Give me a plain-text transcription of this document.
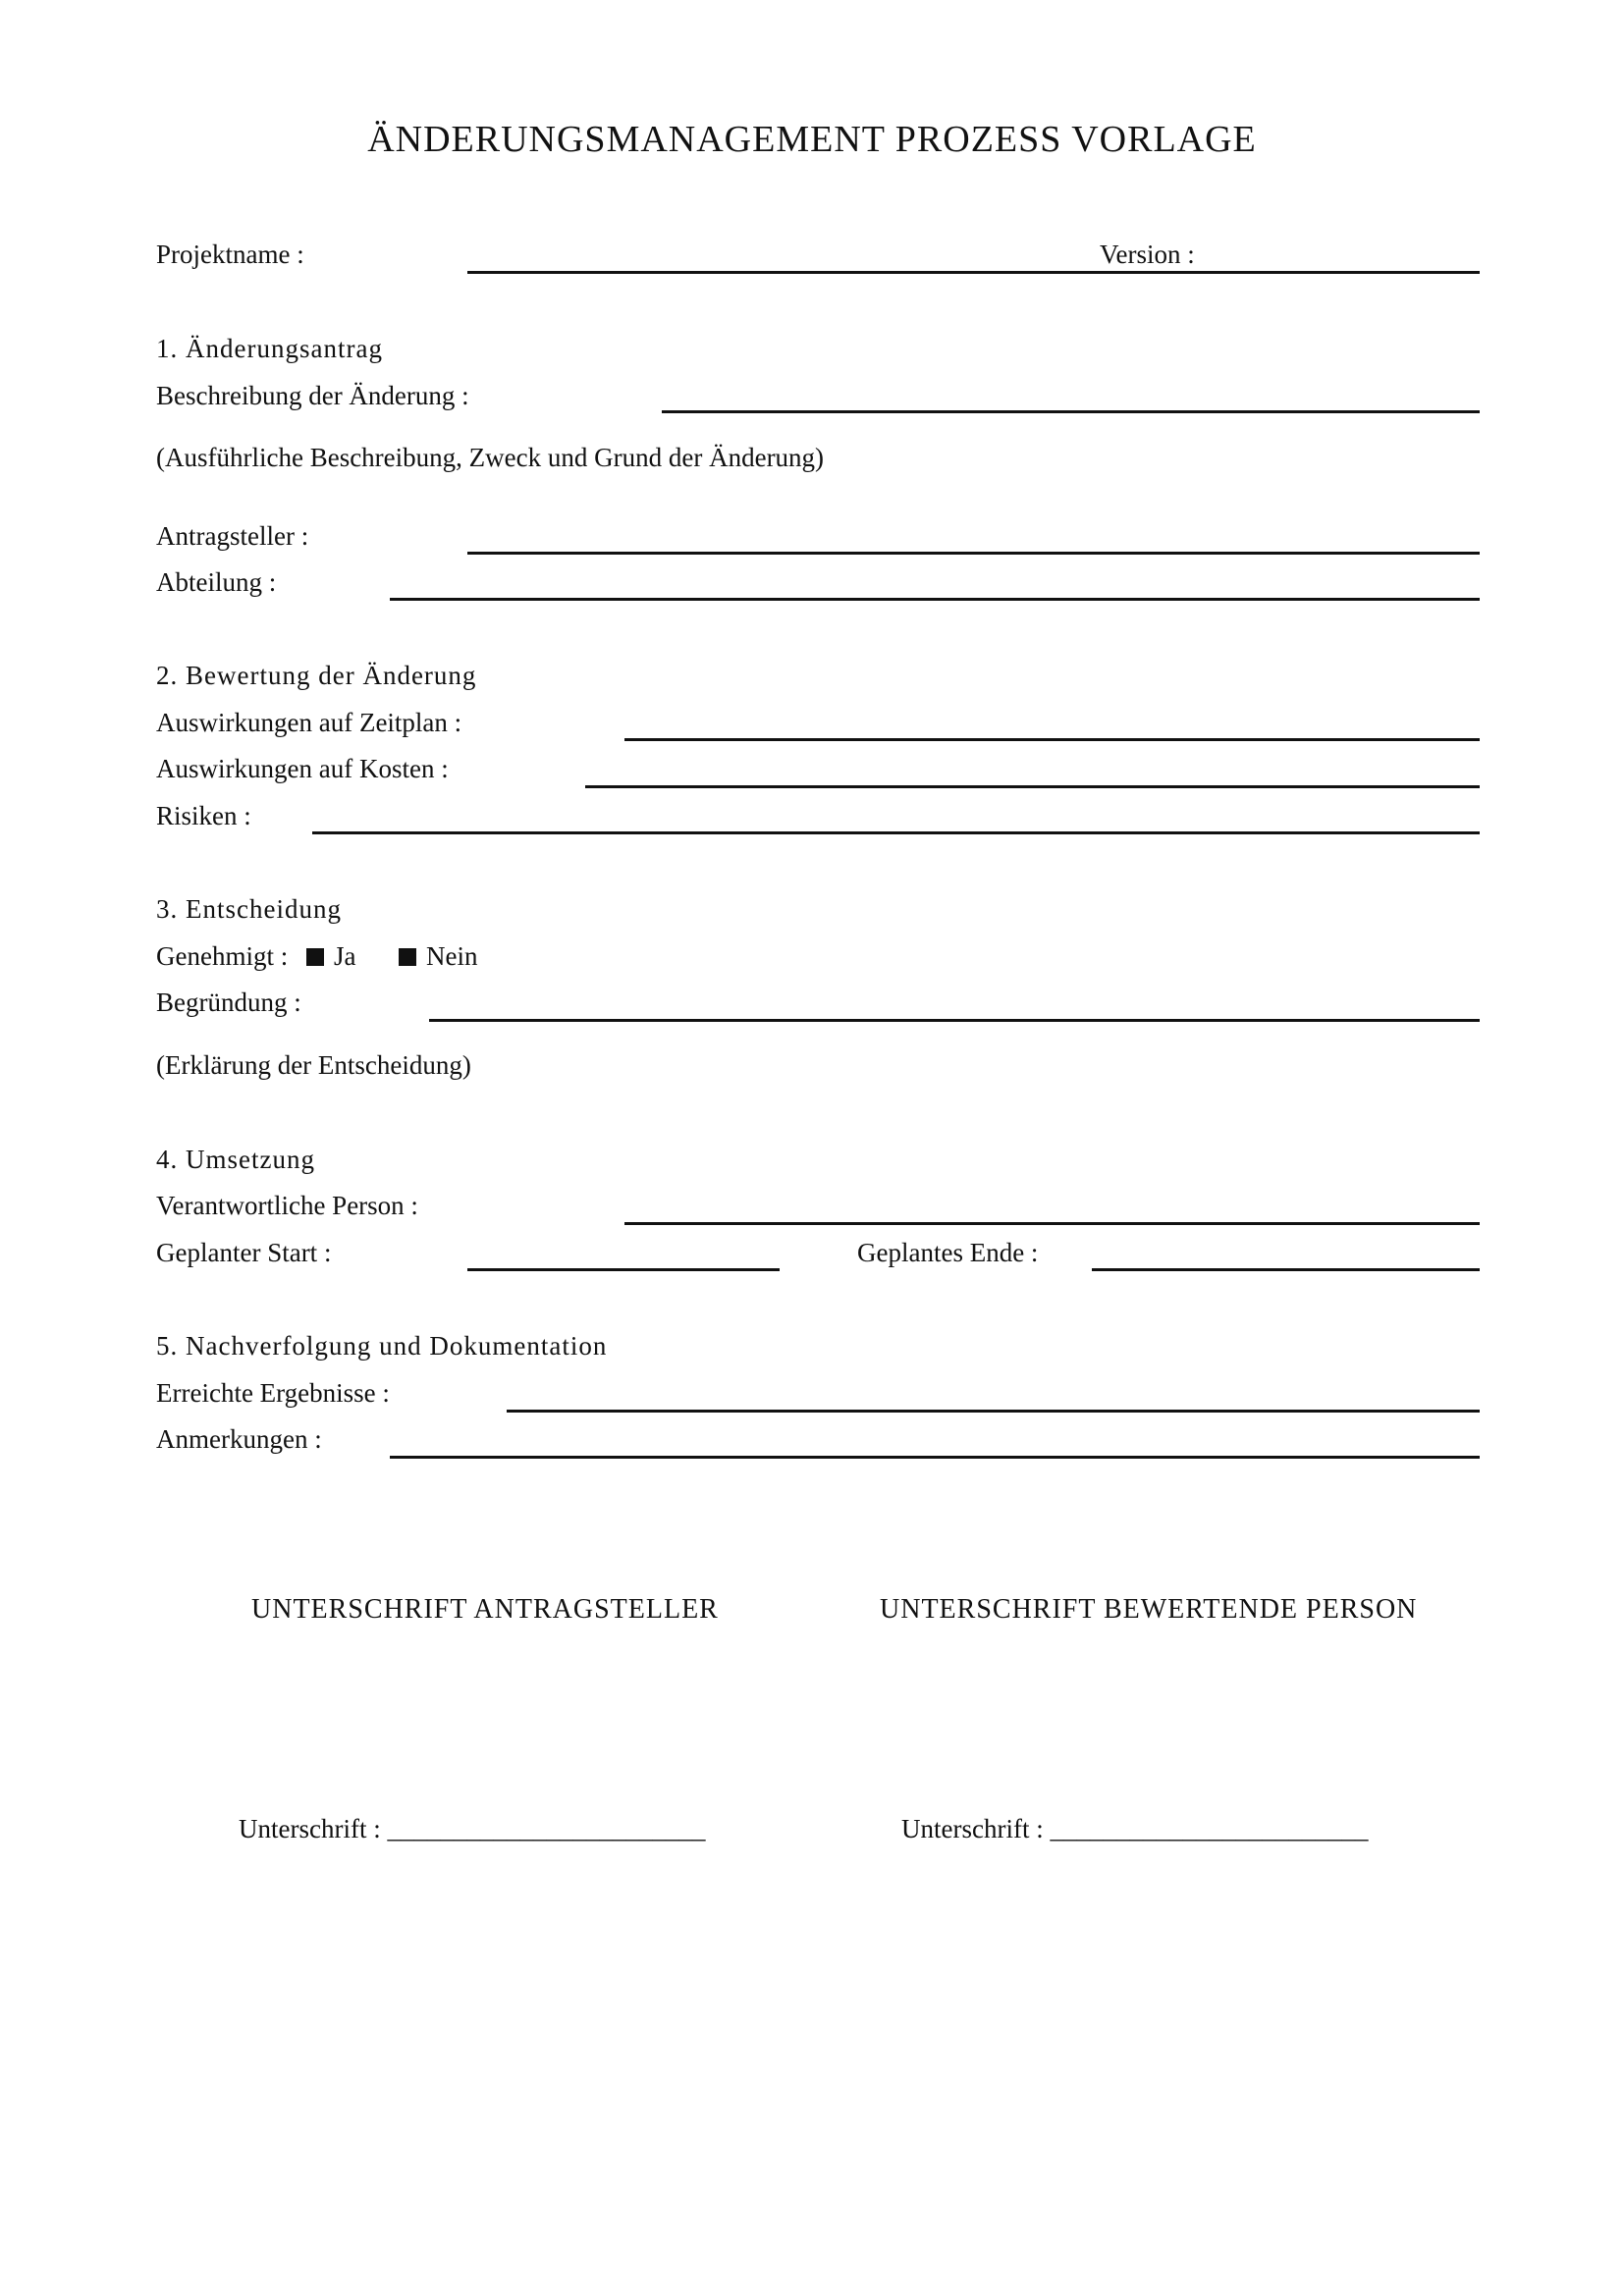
ÄNDERUNGSMANAGEMENT PROZESS VORLAGE
Projektname :	Version :
1. Änderungsantrag
Beschreibung der Änderung :
(Ausführliche Beschreibung, Zweck und Grund der Änderung)
Antragsteller :
Abteilung :
2. Bewertung der Änderung
Auswirkungen auf Zeitplan :
Auswirkungen auf Kosten :
Risiken :
3. Entscheidung
Genehmigt :	Ja	Nein
Begründung :
(Erklärung der Entscheidung)
4. Umsetzung
Verantwortliche Person :
Geplanter Start :	Geplantes Ende :
5. Nachverfolgung und Dokumentation
Erreichte Ergebnisse :
Anmerkungen :
UNTERSCHRIFT ANTRAGSTELLER	UNTERSCHRIFT BEWERTENDE PERSON
Unterschrift : ________________________	Unterschrift : ________________________
